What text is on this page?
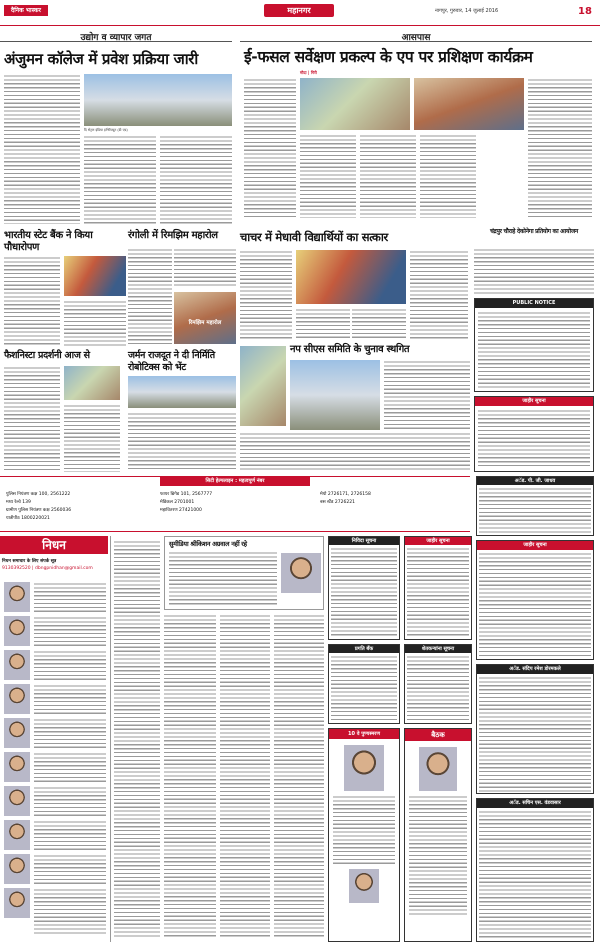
दैनिक भास्कर	महानगर	नागपुर, गुरुवार, 14 जुलाई 2016	18
उद्योग व व्यापार जगत	आसपास
अंजुमन कॉलेज में प्रवेश प्रक्रिया जारी
दि सेट्रल इंडिया इन्स्टिट्यूट (डी एड)
ई-फसल सर्वेक्षण प्रकल्प के एप पर प्रशिक्षण कार्यक्रम
मौदा | गिरी
भारतीय स्टेट बैंक ने किया पौधारोपण
रंगोली में रिमझिम महारोल
रिमझिम महारोल
चाचर में मेधावी विद्यार्थियों का सत्कार	चंद्रपुर चौराहे देकोनेगा प्रतियोग का आयोजन
फैशनिस्टा प्रदर्शनी आज से	जर्मन राजदूत ने दी निर्मिति रोबोटिक्स को भेंट
नप सीएस समिति के चुनाव स्थगित
PUBLIC NOTICE
जाहीर सूचना
सिटी हेल्पलाइन : महत्वपूर्ण नंबर
पुलिस नियंत्रण कक्ष 100, 2561222
मध्य रेल्वे 139
ग्रामीण पुलिस नियंत्रण कक्ष 2560036
यात्रीपीठ 1800220021
फायर ब्रिगेड 101, 2567777
मेडिकल 2701001
महावितरण 27421000
मेयो 2726171, 2726158
बस स्टैंड 2726221
निधन
निधन समाचार के लिए संपर्क सूत्र
9130392520 | dbngpnidhan@gmail.com
सुमीडिया श्रीकिशन अग्रवाल नहीं रहे	निविदा सूचना	जाहीर सूचना
प्रगति बँक	शेतकऱ्यांना सूचना
10 वे पुण्यस्मरण	बैठक
अॅड. पी. जी. जाधव
जाहीर सूचना
अॅड. संदिप रमेश डोरमकले
अॅड. सचिन एस. वंडवासार
